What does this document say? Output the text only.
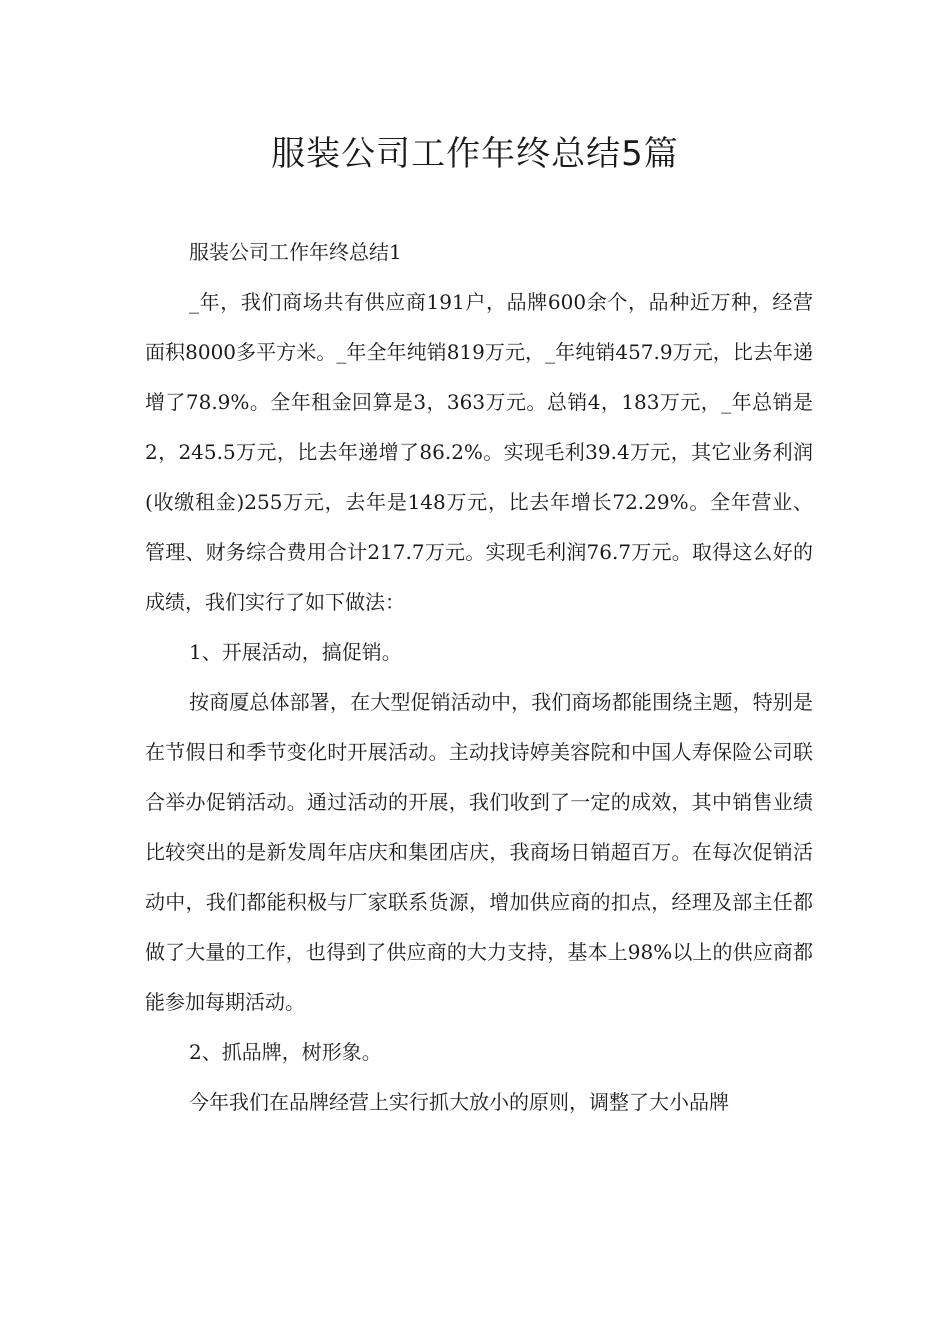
服装公司工作年终总结5篇

服装公司工作年终总结1

_年，我们商场共有供应商191户，品牌600余个，品种近万种，经营面积8000多平方米。_年全年纯销819万元，_年纯销457.9万元，比去年递增了78.9%。全年租金回算是3，363万元。总销4，183万元，_年总销是2，245.5万元，比去年递增了86.2%。实现毛利39.4万元，其它业务利润(收缴租金)255万元，去年是148万元，比去年增长72.29%。全年营业、管理、财务综合费用合计217.7万元。实现毛利润76.7万元。取得这么好的成绩，我们实行了如下做法：

1、开展活动，搞促销。

按商厦总体部署，在大型促销活动中，我们商场都能围绕主题，特别是在节假日和季节变化时开展活动。主动找诗婷美容院和中国人寿保险公司联合举办促销活动。通过活动的开展，我们收到了一定的成效，其中销售业绩比较突出的是新发周年店庆和集团店庆，我商场日销超百万。在每次促销活动中，我们都能积极与厂家联系货源，增加供应商的扣点，经理及部主任都做了大量的工作，也得到了供应商的大力支持，基本上98%以上的供应商都能参加每期活动。

2、抓品牌，树形象。

今年我们在品牌经营上实行抓大放小的原则，调整了大小品牌
